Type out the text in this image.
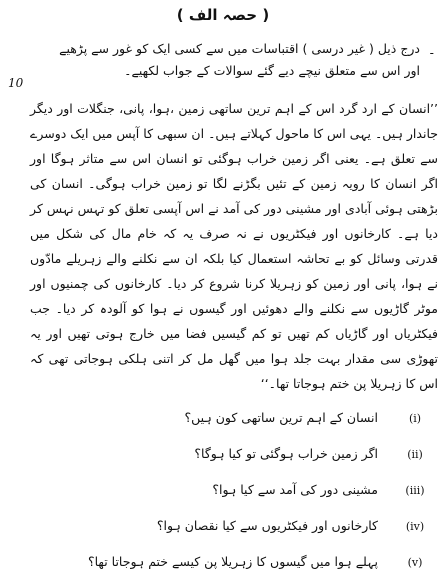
( حصہ الف )
-
10
درج ذیل ( غیر درسی ) اقتباسات میں سے کسی ایک کو غور سے پڑھیے اور اس سے متعلق نیچے دیے گئے سوالات کے جواب لکھیے۔
’’انسان کے ارد گرد اس کے اہم ترین ساتھی زمین ،ہوا، پانی، جنگلات اور دیگر جاندار ہیں۔ یہی اس کا ماحول کہلاتے ہیں۔ ان سبھی کا آپس میں ایک دوسرے سے تعلق ہے۔ یعنی اگر زمین خراب ہوگئی تو انسان اس سے متاثر ہوگا اور اگر انسان کا رویہ زمین کے تئیں بگڑنے لگا تو زمین خراب ہوگی۔ انسان کی بڑھتی ہوئی آبادی اور مشینی دور کی آمد نے اس آپسی تعلق کو تہس نہس کر دیا ہے۔ کارخانوں اور فیکٹریوں نے نہ صرف یہ کہ خام مال کی شکل میں قدرتی وسائل کو بے تحاشہ استعمال کیا بلکہ ان سے نکلنے والے زہریلے مادّوں نے ہوا، پانی اور زمین کو زہریلا کرنا شروع کر دیا۔ کارخانوں کی چمنیوں اور موٹر گاڑیوں سے نکلنے والے دھوئیں اور گیسوں نے ہوا کو آلودہ کر دیا۔ جب فیکٹریاں اور گاڑیاں کم تھیں تو کم گیسیں فضا میں خارج ہوتی تھیں اور یہ تھوڑی سی مقدار بہت جلد ہوا میں گھل مل کر اتنی ہلکی ہوجاتی تھی کہ اس کا زہریلا پن ختم ہوجاتا تھا۔‘‘
(i)
انسان کے اہم ترین ساتھی کون ہیں؟
(ii)
اگر زمین خراب ہوگئی تو کیا ہوگا؟
(iii)
مشینی دور کی آمد سے کیا ہوا؟
(iv)
کارخانوں اور فیکٹریوں سے کیا نقصان ہوا؟
(v)
پہلے ہوا میں گیسوں کا زہریلا پن کیسے ختم ہوجاتا تھا؟
